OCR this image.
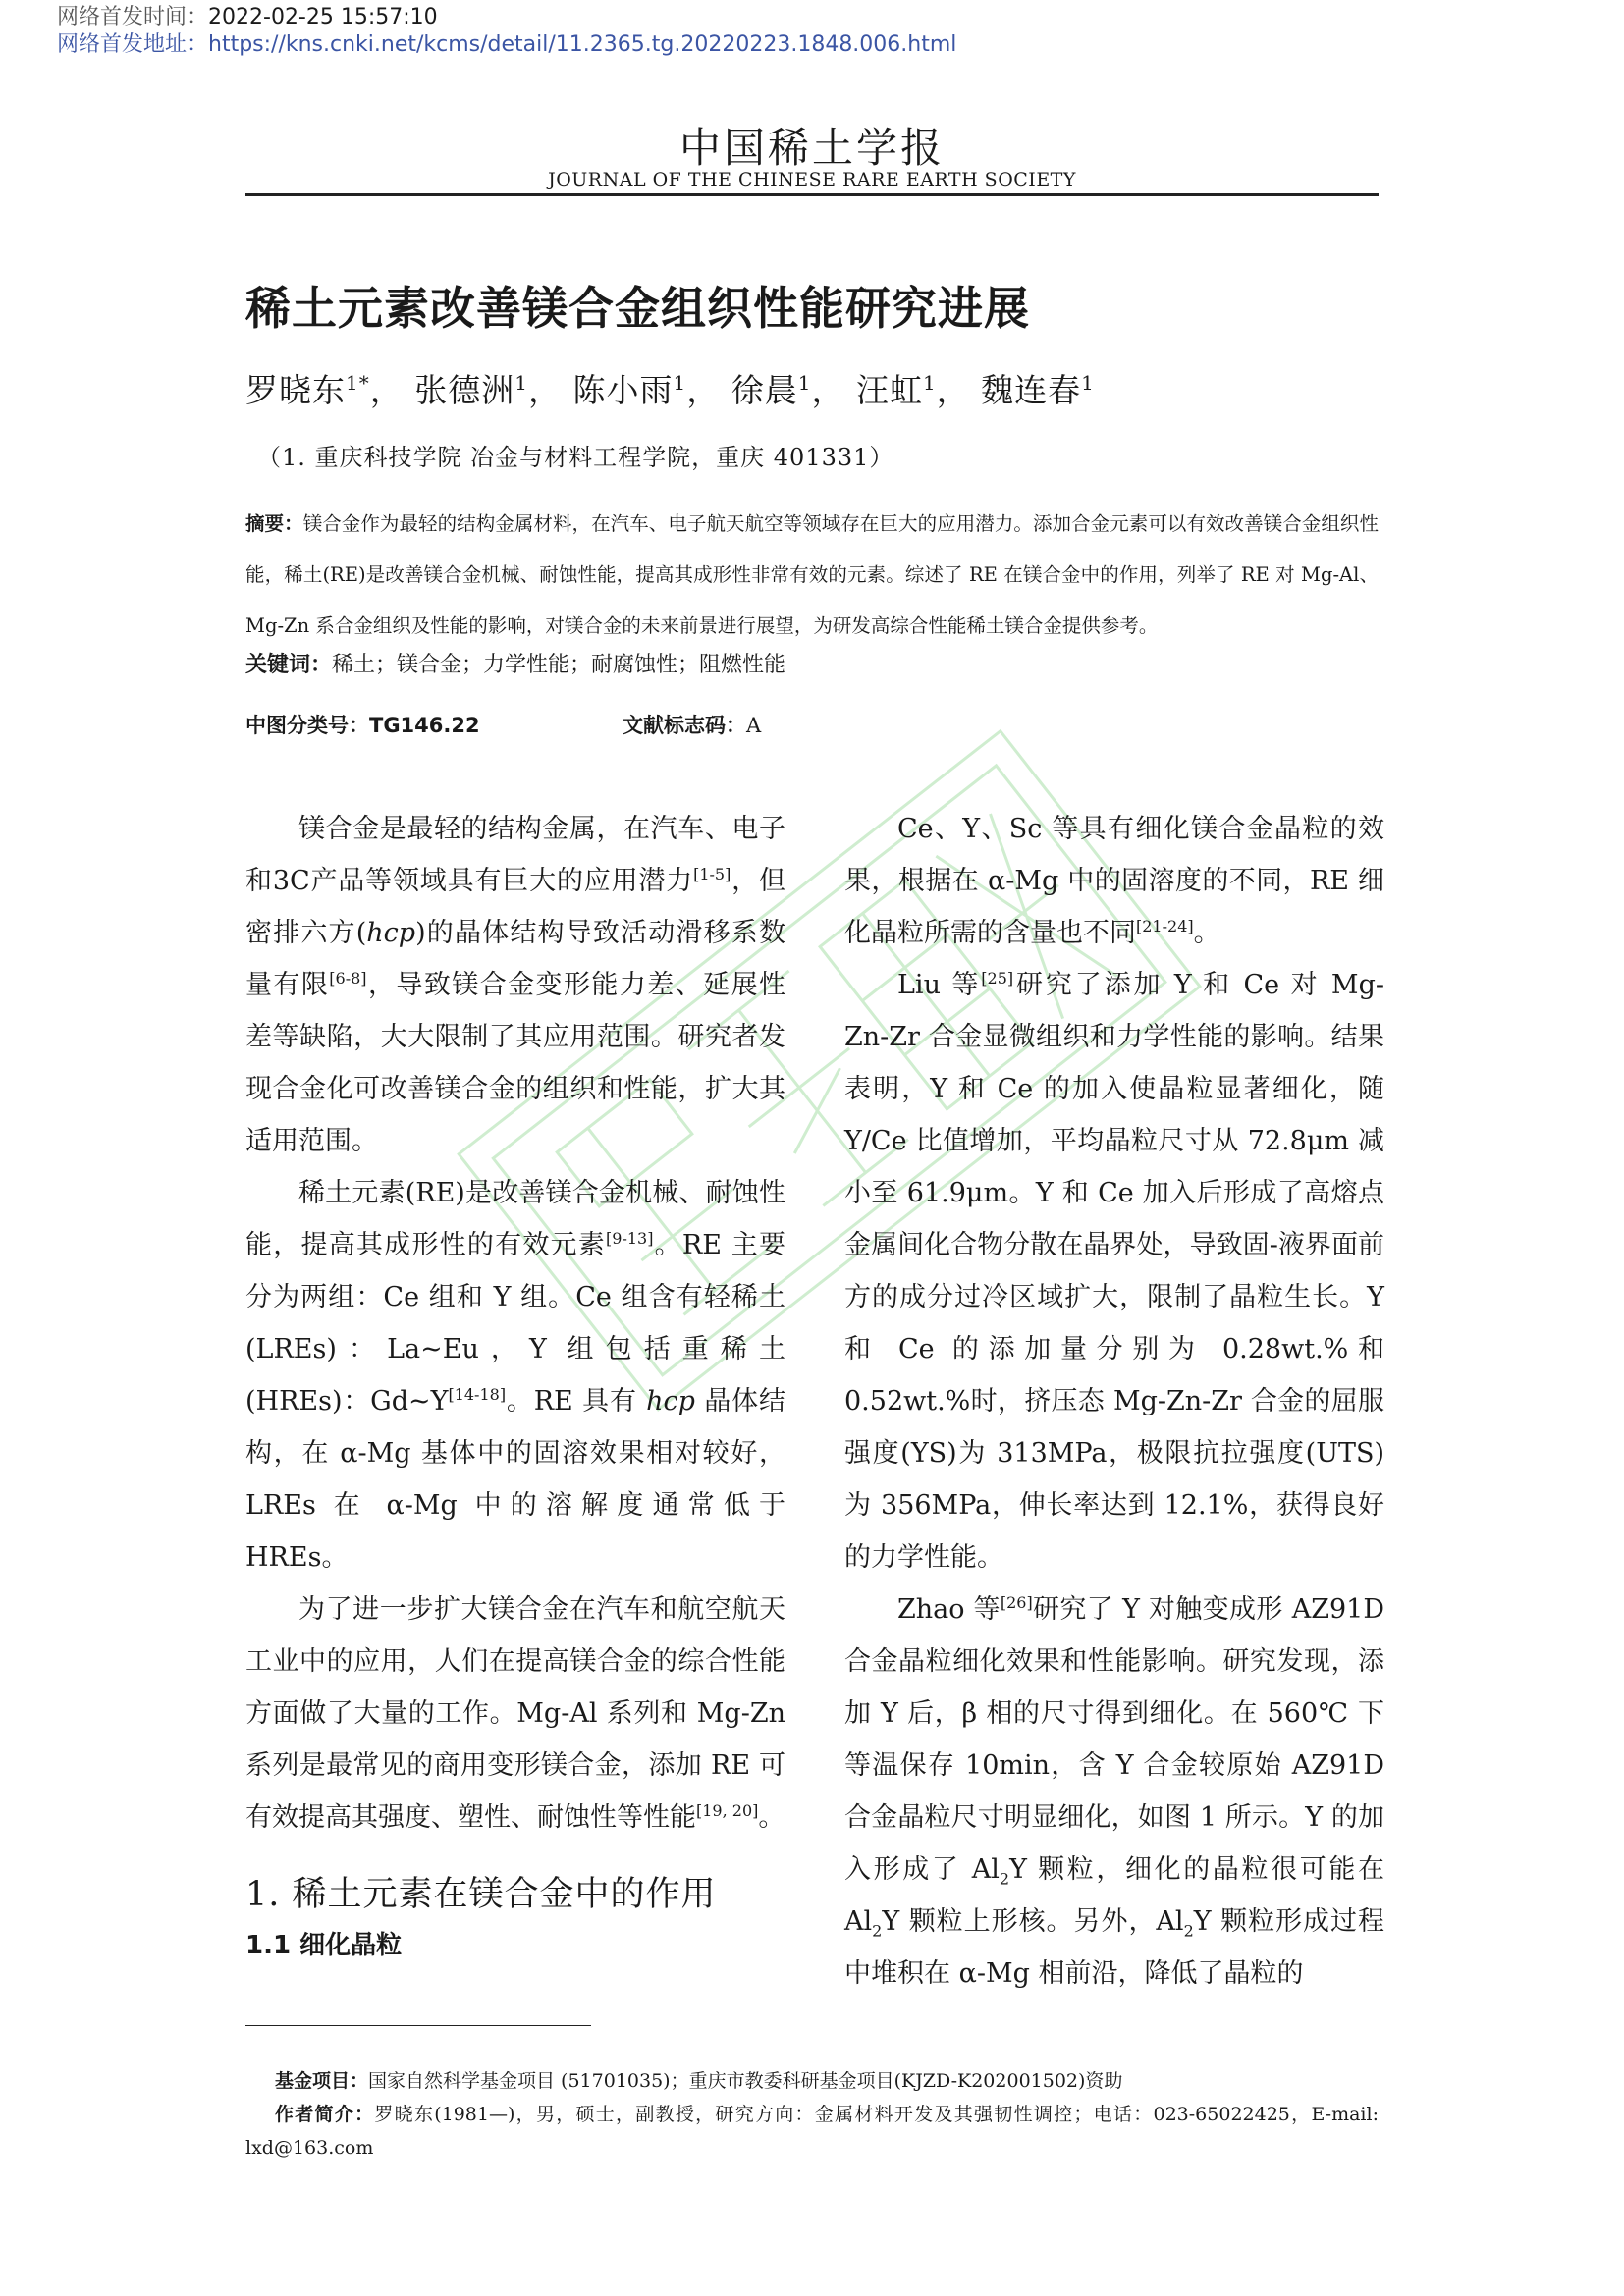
网络首发时间：2022-02-25 15:57:10
网络首发地址：https://kns.cnki.net/kcms/detail/11.2365.tg.20220223.1848.006.html
中国稀土学报
JOURNAL OF THE CHINESE RARE EARTH SOCIETY
稀土元素改善镁合金组织性能研究进展
罗晓东$^{1*}$， 张德洲$^1$， 陈小雨$^1$， 徐晨$^1$， 汪虹$^1$， 魏连春$^1$
（1. 重庆科技学院 冶金与材料工程学院，重庆 401331）
摘要：镁合金作为最轻的结构金属材料，在汽车、电子航天航空等领域存在巨大的应用潜力。添加合金元素可以有效改善镁合金组织性能，稀土(RE)是改善镁合金机械、耐蚀性能，提高其成形性非常有效的元素。综述了 RE 在镁合金中的作用，列举了 RE 对 Mg-Al、Mg-Zn 系合金组织及性能的影响，对镁合金的未来前景进行展望，为研发高综合性能稀土镁合金提供参考。
关键词：稀土；镁合金；力学性能；耐腐蚀性；阻燃性能
中图分类号：TG146.22	文献标志码：A

镁合金是最轻的结构金属，在汽车、电子和3C产品等领域具有巨大的应用潜力[1-5]，但密排六方(hcp)的晶体结构导致活动滑移系数量有限[6-8]，导致镁合金变形能力差、延展性差等缺陷，大大限制了其应用范围。研究者发现合金化可改善镁合金的组织和性能，扩大其适用范围。

稀土元素(RE)是改善镁合金机械、耐蚀性能，提高其成形性的有效元素[9-13]。RE 主要分为两组：Ce 组和 Y 组。Ce 组含有轻稀土(LREs)：La~Eu，Y 组包括重稀土(HREs)：Gd~Y[14-18]。RE 具有 hcp 晶体结构，在 α-Mg 基体中的固溶效果相对较好，LREs 在 α-Mg 中的溶解度通常低于 HREs。

为了进一步扩大镁合金在汽车和航空航天工业中的应用，人们在提高镁合金的综合性能方面做了大量的工作。Mg-Al 系列和 Mg-Zn 系列是最常见的商用变形镁合金，添加 RE 可有效提高其强度、塑性、耐蚀性等性能[19, 20]。

1. 稀土元素在镁合金中的作用

1.1 细化晶粒

Ce、Y、Sc 等具有细化镁合金晶粒的效果，根据在 α-Mg 中的固溶度的不同，RE 细化晶粒所需的含量也不同[21-24]。

Liu 等[25]研究了添加 Y 和 Ce 对 Mg-Zn-Zr 合金显微组织和力学性能的影响。结果表明，Y 和 Ce 的加入使晶粒显著细化，随 Y/Ce 比值增加，平均晶粒尺寸从 72.8μm 减小至 61.9μm。Y 和 Ce 加入后形成了高熔点金属间化合物分散在晶界处，导致固-液界面前方的成分过冷区域扩大，限制了晶粒生长。Y 和 Ce 的添加量分别为 0.28wt.%和 0.52wt.%时，挤压态 Mg-Zn-Zr 合金的屈服强度(YS)为 313MPa，极限抗拉强度(UTS)为 356MPa，伸长率达到 12.1%，获得良好的力学性能。

Zhao 等[26]研究了 Y 对触变成形 AZ91D 合金晶粒细化效果和性能影响。研究发现，添加 Y 后，β 相的尺寸得到细化。在 560℃ 下等温保存 10min，含 Y 合金较原始 AZ91D 合金晶粒尺寸明显细化，如图 1 所示。Y 的加入形成了 $Al_2Y$ 颗粒，细化的晶粒很可能在 $Al_2Y$ 颗粒上形核。另外，$Al_2Y$ 颗粒形成过程中堆积在 α-Mg 相前沿，降低了晶粒的

基金项目：国家自然科学基金项目 (51701035)；重庆市教委科研基金项目(KJZD-K202001502)资助

作者简介：罗晓东(1981—)，男，硕士，副教授，研究方向：金属材料开发及其强韧性调控；电话：023-65022425，E-mail: lxd@163.com
